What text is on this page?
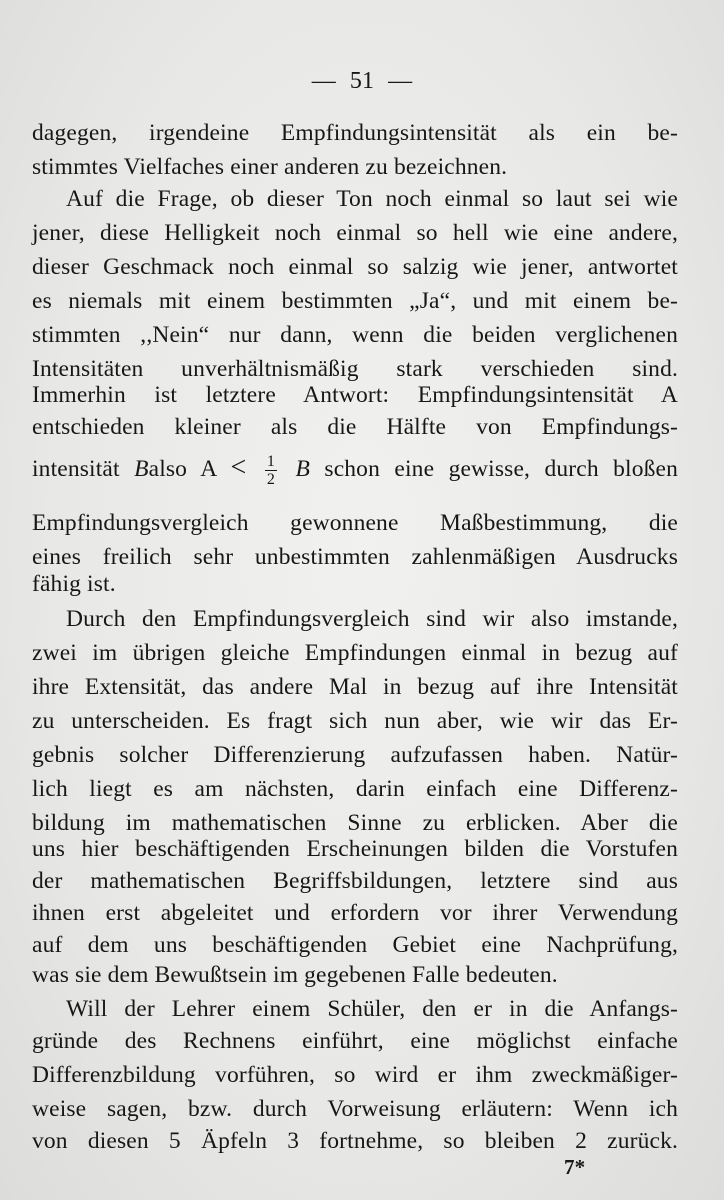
— 51 —
dagegen, irgendeine Empfindungsintensität als ein be-
stimmtes Vielfaches einer anderen zu bezeichnen.
Auf die Frage, ob dieser Ton noch einmal so laut sei wie
jener, diese Helligkeit noch einmal so hell wie eine andere,
dieser Geschmack noch einmal so salzig wie jener, antwortet
es niemals mit einem bestimmten „Ja“, und mit einem be-
stimmten ,,Nein“ nur dann, wenn die beiden verglichenen
Intensitäten unverhältnismäßig stark verschieden sind.
Immerhin ist letztere Antwort: Empfindungsintensität A
entschieden kleiner als die Hälfte von Empfindungs-
intensität Balso $A < \frac{1}{2}$ B schon eine gewisse, durch bloßen
Empfindungsvergleich gewonnene Maßbestimmung, die
eines freilich sehr unbestimmten zahlenmäßigen Ausdrucks
fähig ist.
Durch den Empfindungsvergleich sind wir also imstande,
zwei im übrigen gleiche Empfindungen einmal in bezug auf
ihre Extensität, das andere Mal in bezug auf ihre Intensität
zu unterscheiden. Es fragt sich nun aber, wie wir das Er-
gebnis solcher Differenzierung aufzufassen haben. Natür-
lich liegt es am nächsten, darin einfach eine Differenz-
bildung im mathematischen Sinne zu erblicken. Aber die
uns hier beschäftigenden Erscheinungen bilden die Vorstufen
der mathematischen Begriffsbildungen, letztere sind aus
ihnen erst abgeleitet und erfordern vor ihrer Verwendung
auf dem uns beschäftigenden Gebiet eine Nachprüfung,
was sie dem Bewußtsein im gegebenen Falle bedeuten.
Will der Lehrer einem Schüler, den er in die Anfangs-
gründe des Rechnens einführt, eine möglichst einfache
Differenzbildung vorführen, so wird er ihm zweckmäßiger-
weise sagen, bzw. durch Vorweisung erläutern: Wenn ich
von diesen 5 Äpfeln 3 fortnehme, so bleiben 2 zurück.
7*
